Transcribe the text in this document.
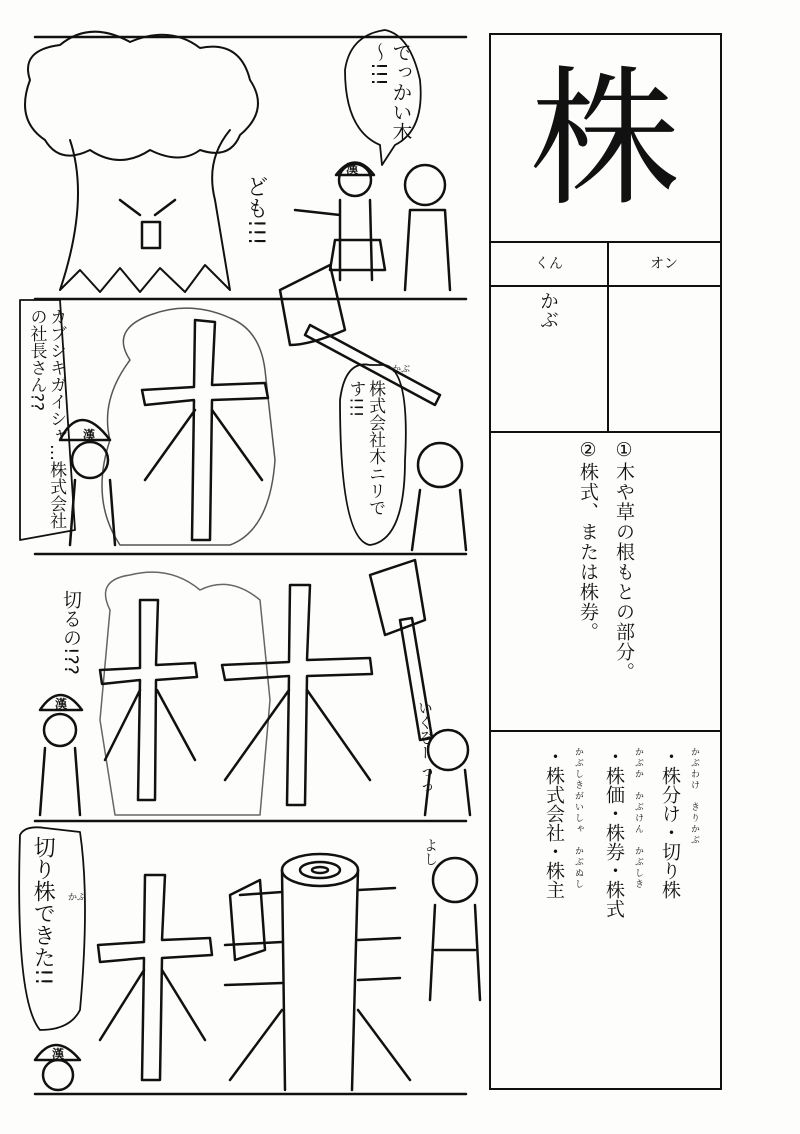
でっかい木～!!!
ども!!!
漢
カブシキガイシャ…株式会社の社長さん??
株式会社木ニリです!!!
かぶ
漢
切るの!??
いくぞー っっ
漢
切り株できた!! かぶ
よし
漢
株
くん	オン
かぶ
①木や草の根もとの部分。
②株式、または株券。
かぶわけ　きりかぶ
・株分け・切り株
かぶか　かぶけん　かぶしき
・株価・株券・株式
かぶしきがいしゃ　かぶぬし
・株式会社・株主
